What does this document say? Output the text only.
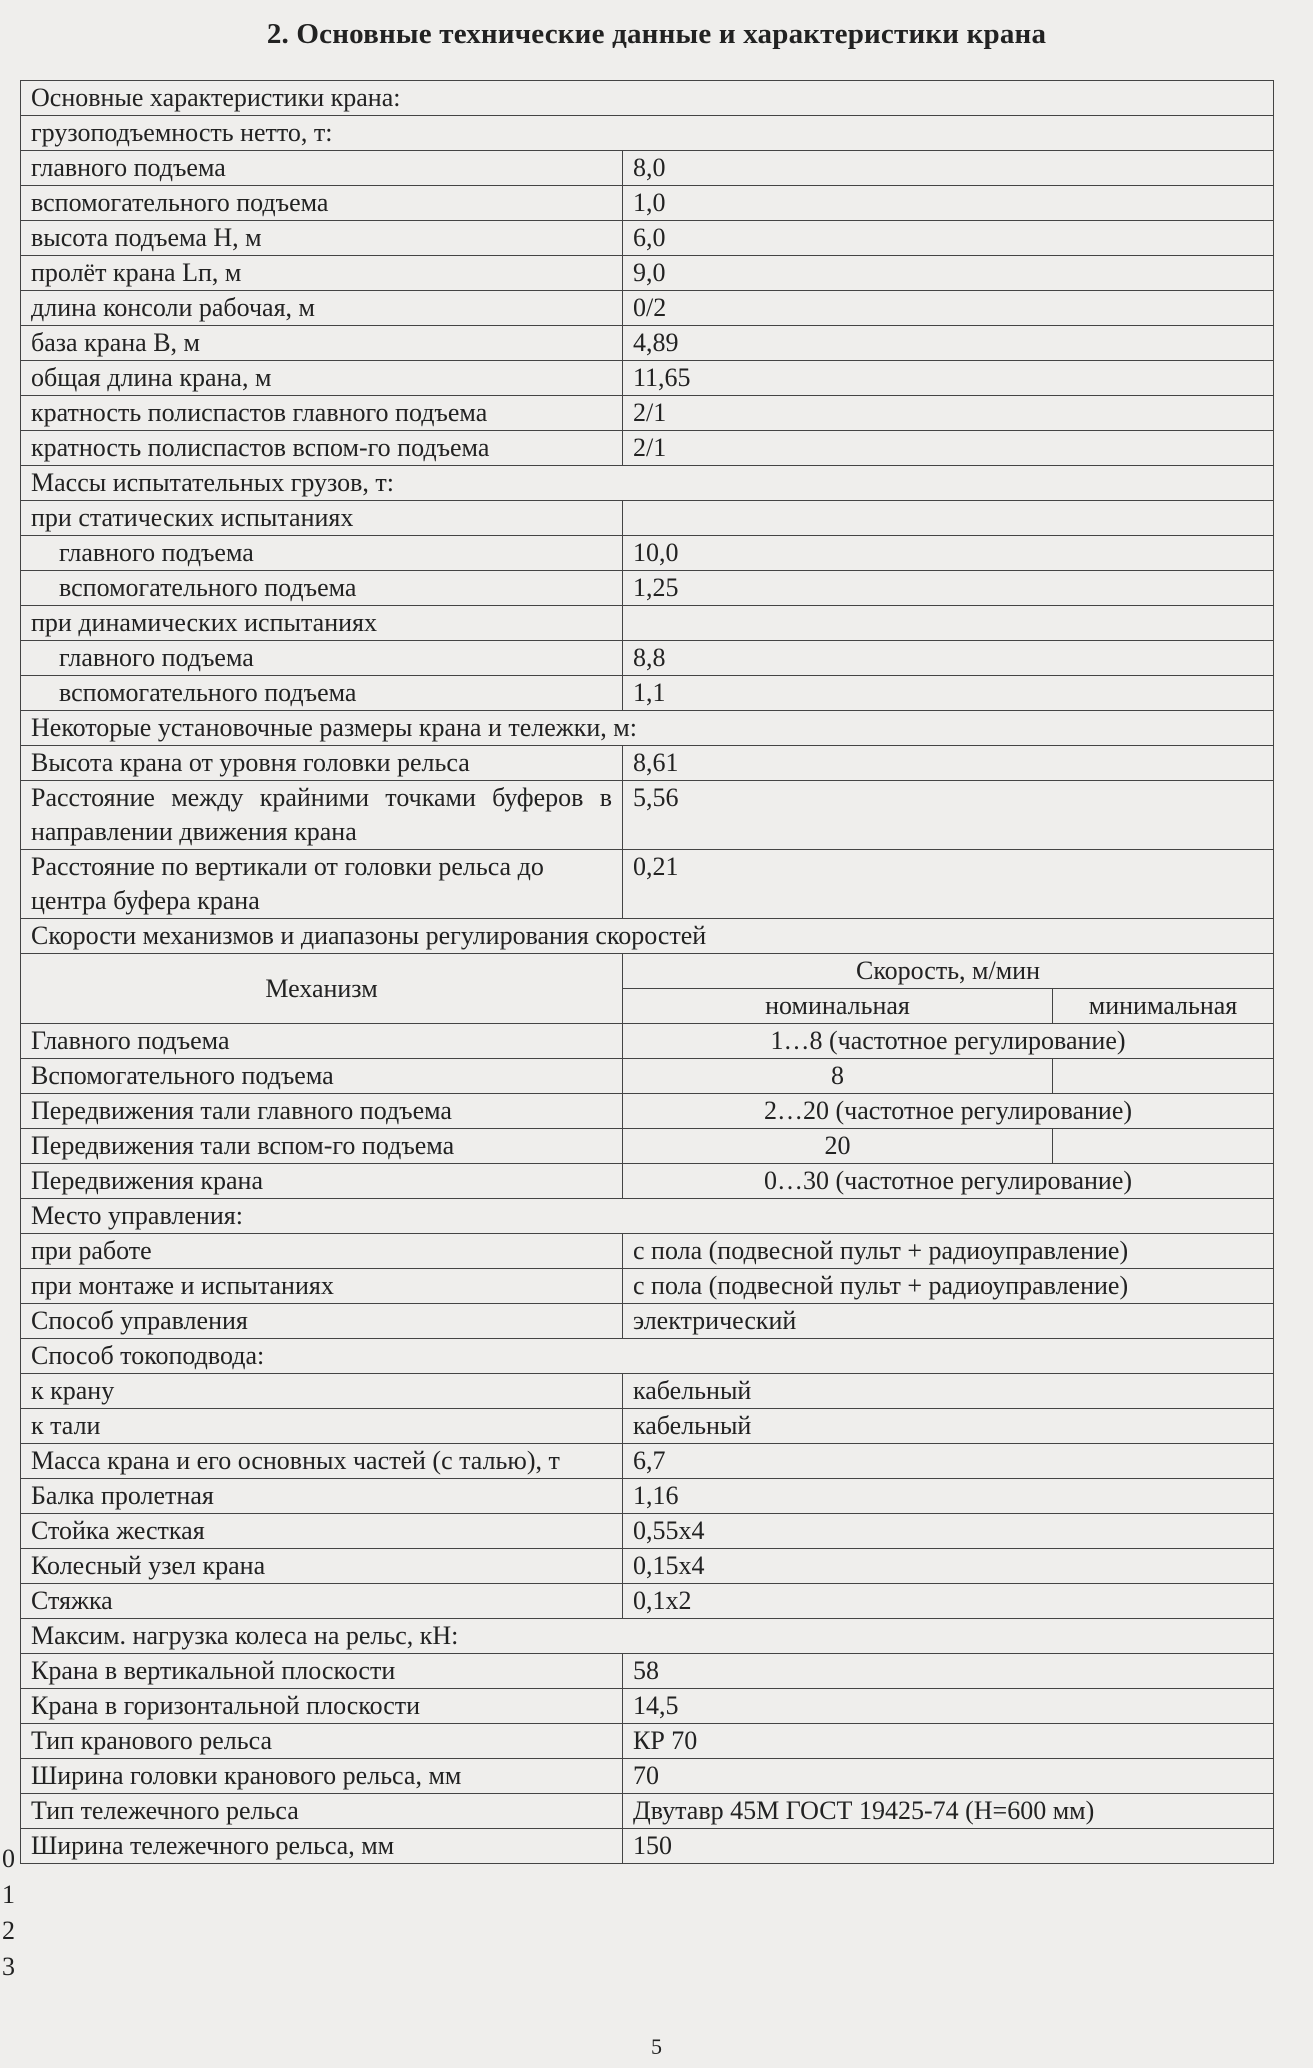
2. Основные технические данные и характеристики крана
Основные характеристики крана:		
грузоподъемность нетто, т:		
главного подъема	8,0	
вспомогательного подъема	1,0	
высота подъема Н, м	6,0	
пролёт крана Lп, м	9,0	
длина консоли рабочая, м	0/2	
база крана В, м	4,89	
общая длина крана, м	11,65	
кратность полиспастов главного подъема	2/1	
кратность полиспастов вспом-го подъема	2/1	
Массы испытательных грузов, т:		
при статических испытаниях		
главного подъема	10,0	
вспомогательного подъема	1,25	
при динамических испытаниях		
главного подъема	8,8	
вспомогательного подъема	1,1	
Некоторые установочные размеры крана и тележки, м:		
Высота крана от уровня головки рельса	8,61	
Расстояние между крайними точками буферов в направлении движения крана	5,56	
Расстояние по вертикали от головки рельса до центра буфера крана	0,21	
Скорости механизмов и диапазоны регулирования скоростей		
Механизм	Скорость, м/мин	
	номинальная	минимальная
Главного подъема	1…8 (частотное регулирование)	
Вспомогательного подъема	8	
Передвижения тали главного подъема	2…20 (частотное регулирование)	
Передвижения тали вспом-го подъема	20	
Передвижения крана	0…30 (частотное регулирование)	
Место управления:		
при работе	с пола (подвесной пульт + радиоуправление)	
при монтаже и испытаниях	с пола (подвесной пульт + радиоуправление)	
Способ управления	электрический	
Способ токоподвода:		
к крану	кабельный	
к тали	кабельный	
Масса крана и его основных частей (с талью), т	6,7	
Балка пролетная	1,16	
Стойка жесткая	0,55х4	
Колесный узел крана	0,15х4	
Стяжка	0,1х2	
Максим. нагрузка колеса на рельс, кН:		
Крана в вертикальной плоскости	58	
Крана в горизонтальной плоскости	14,5	
Тип кранового рельса	КР 70	
Ширина головки кранового рельса, мм	70	
Тип тележечного рельса	Двутавр 45М ГОСТ 19425-74 (Н=600 мм)	
Ширина тележечного рельса, мм	150	
0
1
2
3
5
